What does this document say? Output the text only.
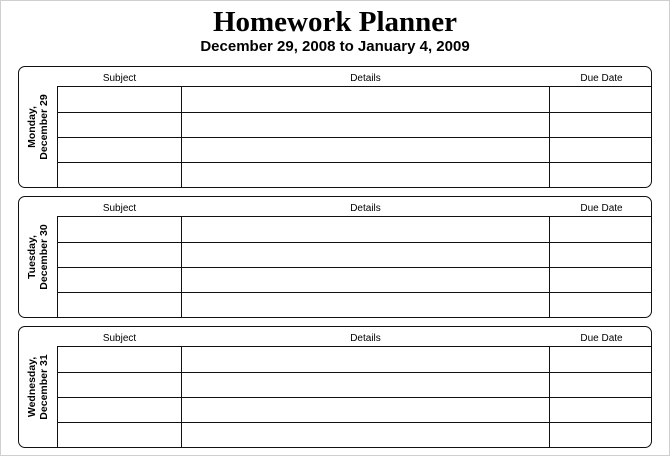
Homework Planner
December 29, 2008 to January 4, 2009
Monday, December 29
Subject	Details	Due Date
Tuesday, December 30
Subject	Details	Due Date
Wednesday, December 31
Subject	Details	Due Date
